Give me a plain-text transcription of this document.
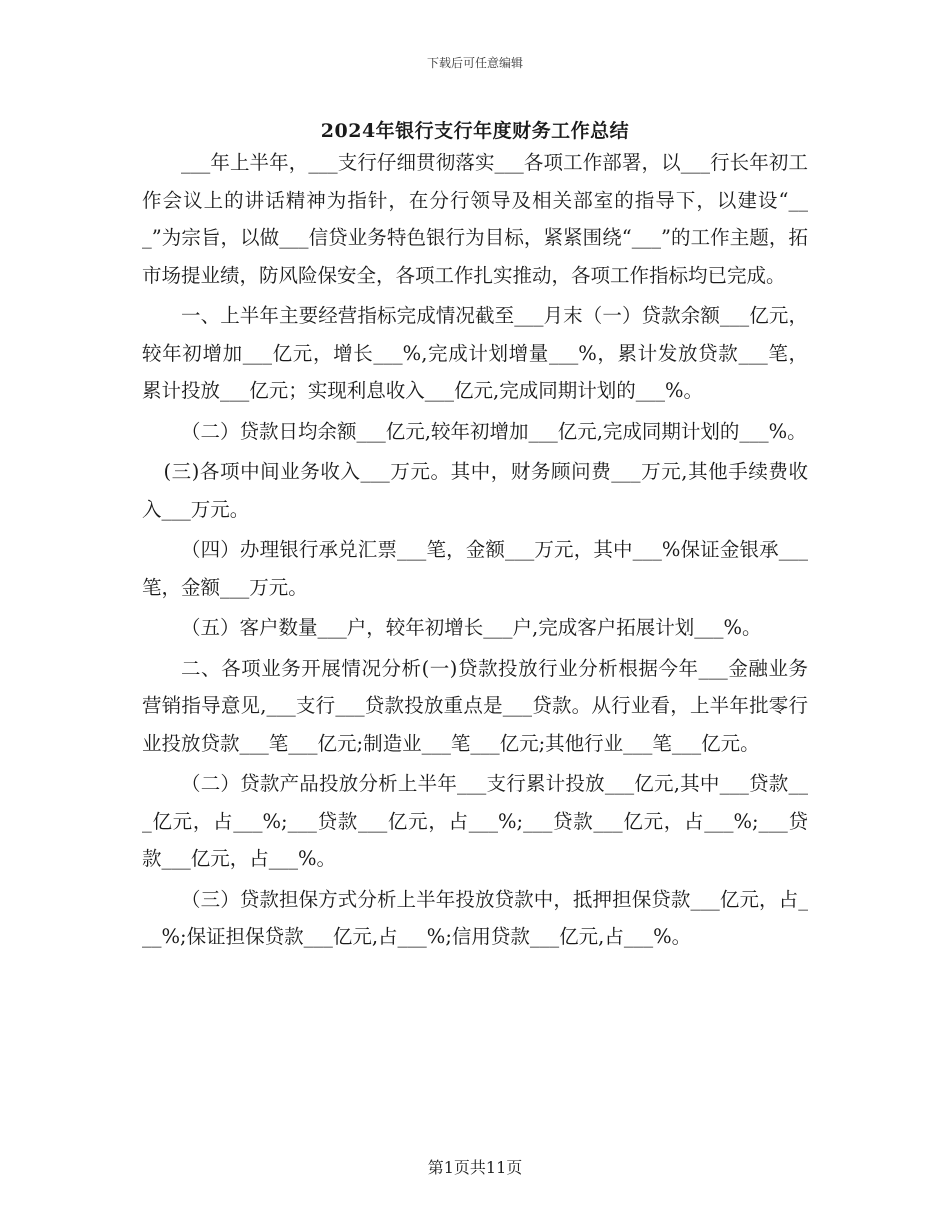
下载后可任意编辑
2024年银行支行年度财务工作总结

___年上半年，___支行仔细贯彻落实___各项工作部署，以___行长年初工作会议上的讲话精神为指针，在分行领导及相关部室的指导下，以建设“___”为宗旨，以做___信贷业务特色银行为目标，紧紧围绕“___”的工作主题，拓市场提业绩，防风险保安全，各项工作扎实推动，各项工作指标均已完成。

一、上半年主要经营指标完成情况截至___月末（一）贷款余额___亿元，较年初增加___亿元，增长___%,完成计划增量___%，累计发放贷款___笔，累计投放___亿元；实现利息收入___亿元,完成同期计划的___%。

（二）贷款日均余额___亿元,较年初增加___亿元,完成同期计划的___%。

(三)各项中间业务收入___万元。其中，财务顾问费___万元,其他手续费收入___万元。

（四）办理银行承兑汇票___笔，金额___万元，其中___%保证金银承___笔，金额___万元。

（五）客户数量___户，较年初增长___户,完成客户拓展计划___%。

二、各项业务开展情况分析(一)贷款投放行业分析根据今年___金融业务营销指导意见,___支行___贷款投放重点是___贷款。从行业看，上半年批零行业投放贷款___笔___亿元;制造业___笔___亿元;其他行业___笔___亿元。

（二）贷款产品投放分析上半年___支行累计投放___亿元,其中___贷款___亿元，占___%;___贷款___亿元，占___%;___贷款___亿元，占___%;___贷款___亿元，占___%。

（三）贷款担保方式分析上半年投放贷款中，抵押担保贷款___亿元，占___%;保证担保贷款___亿元,占___%;信用贷款___亿元,占___%。

第1页共11页
